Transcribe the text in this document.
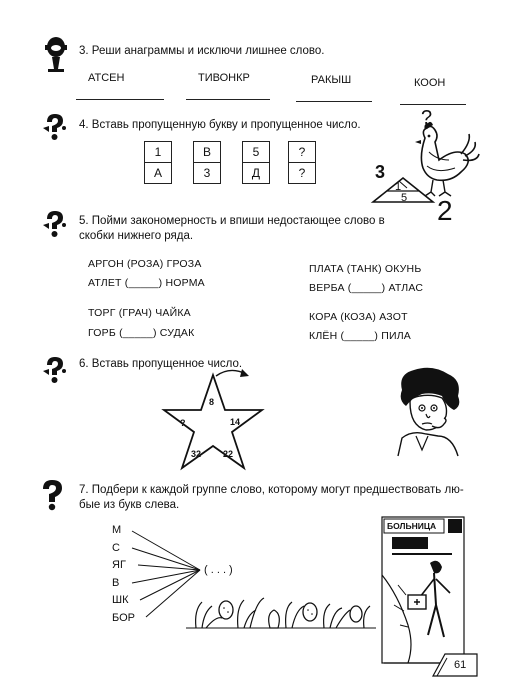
3. Реши анаграммы и исключи лишнее слово.
АТСЕН	ТИВОНКР	РАКЫШ	КООН
4. Вставь пропущенную букву и пропущенное число.
1
А
В
3
5
Д
?
?
1
5
3
2
?
5. Пойми закономерность и впиши недостающее слово в
скобки нижнего ряда.
АРГОН (РОЗА) ГРОЗА
АТЛЕТ (_____) НОРМА
ПЛАТА (ТАНК) ОКУНЬ
ВЕРБА (_____) АТЛАС
ТОРГ (ГРАЧ) ЧАЙКА
ГОРБ (_____) СУДАК
КОРА (КОЗА) АЗОТ
КЛЁН (_____) ПИЛА
6. Вставь пропущенное число.
8
14
22
32
?
7. Подбери к каждой группе слово, которому могут предшествовать лю-
бые из букв слева.
М
С
ЯГ
В
ШК
БОР
( . . . )
БОЛЬНИЦА
61
